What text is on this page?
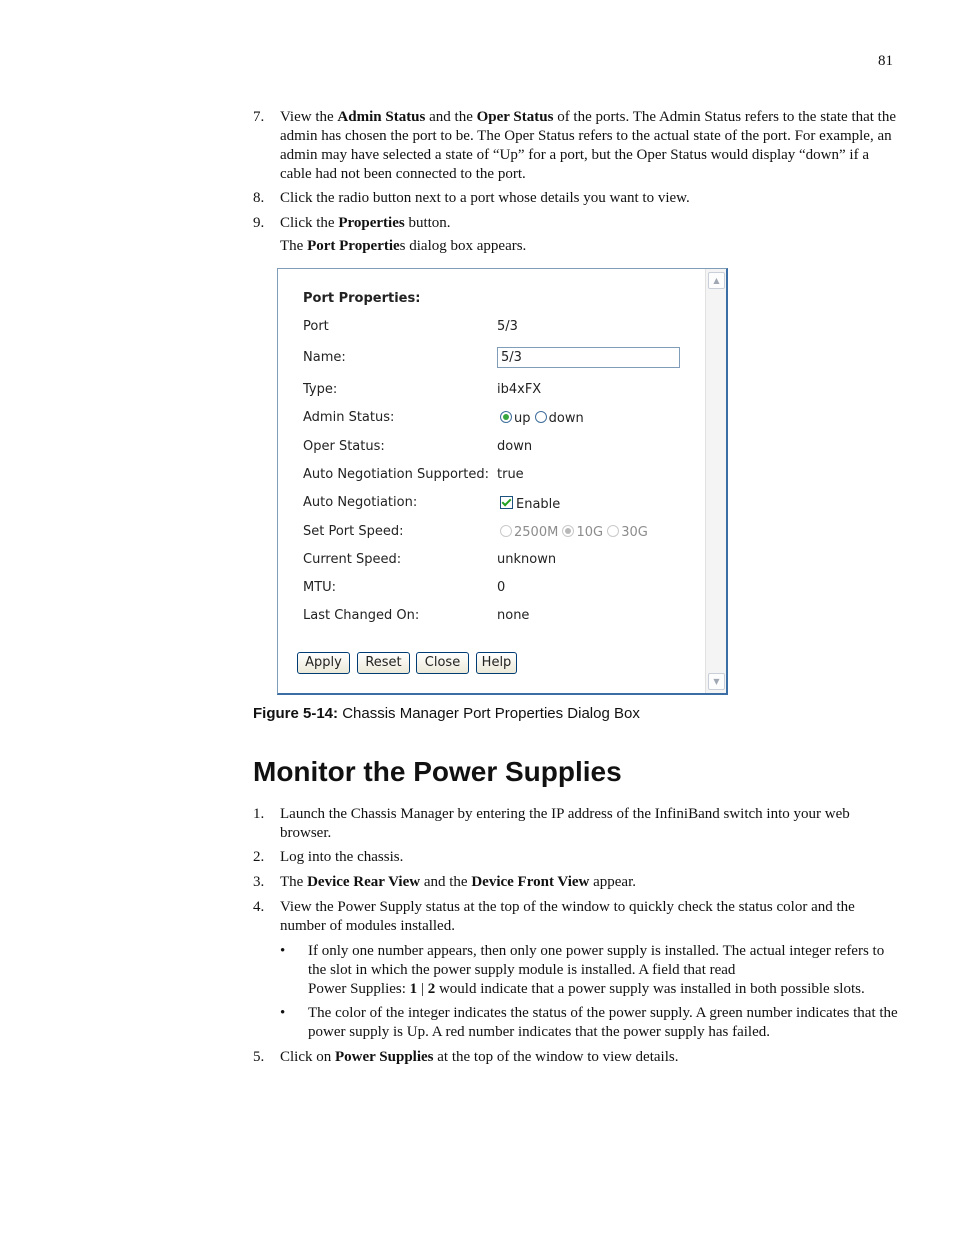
81
7. View the Admin Status and the Oper Status of the ports. The Admin Status refers to the state that the admin has chosen the port to be. The Oper Status refers to the actual state of the port. For example, an admin may have selected a state of “Up” for a port, but the Oper Status would display “down” if a cable had not been connected to the port.
8. Click the radio button next to a port whose details you want to view.
9. Click the Properties button.
The Port Properties dialog box appears.
▲
▼
Port Properties:
Port	5/3
Name:
5/3
Type:	ib4xFX
Admin Status:	up down
Oper Status:	down
Auto Negotiation Supported: true
Auto Negotiation:	Enable
Set Port Speed:	2500M 10G 30G
Current Speed:	unknown
MTU:	0
Last Changed On:	none
Apply	Reset	Close	Help
Figure 5-14: Chassis Manager Port Properties Dialog Box
Monitor the Power Supplies
1. Launch the Chassis Manager by entering the IP address of the InfiniBand switch into your web browser.
2. Log into the chassis.
3. The Device Rear View and the Device Front View appear.
4. View the Power Supply status at the top of the window to quickly check the status color and the number of modules installed.
• If only one number appears, then only one power supply is installed. The actual integer refers to the slot in which the power supply module is installed. A field that read
Power Supplies: 1 | 2 would indicate that a power supply was installed in both possible slots.
• The color of the integer indicates the status of the power supply. A green number indicates that the power supply is Up. A red number indicates that the power supply has failed.
5. Click on Power Supplies at the top of the window to view details.
